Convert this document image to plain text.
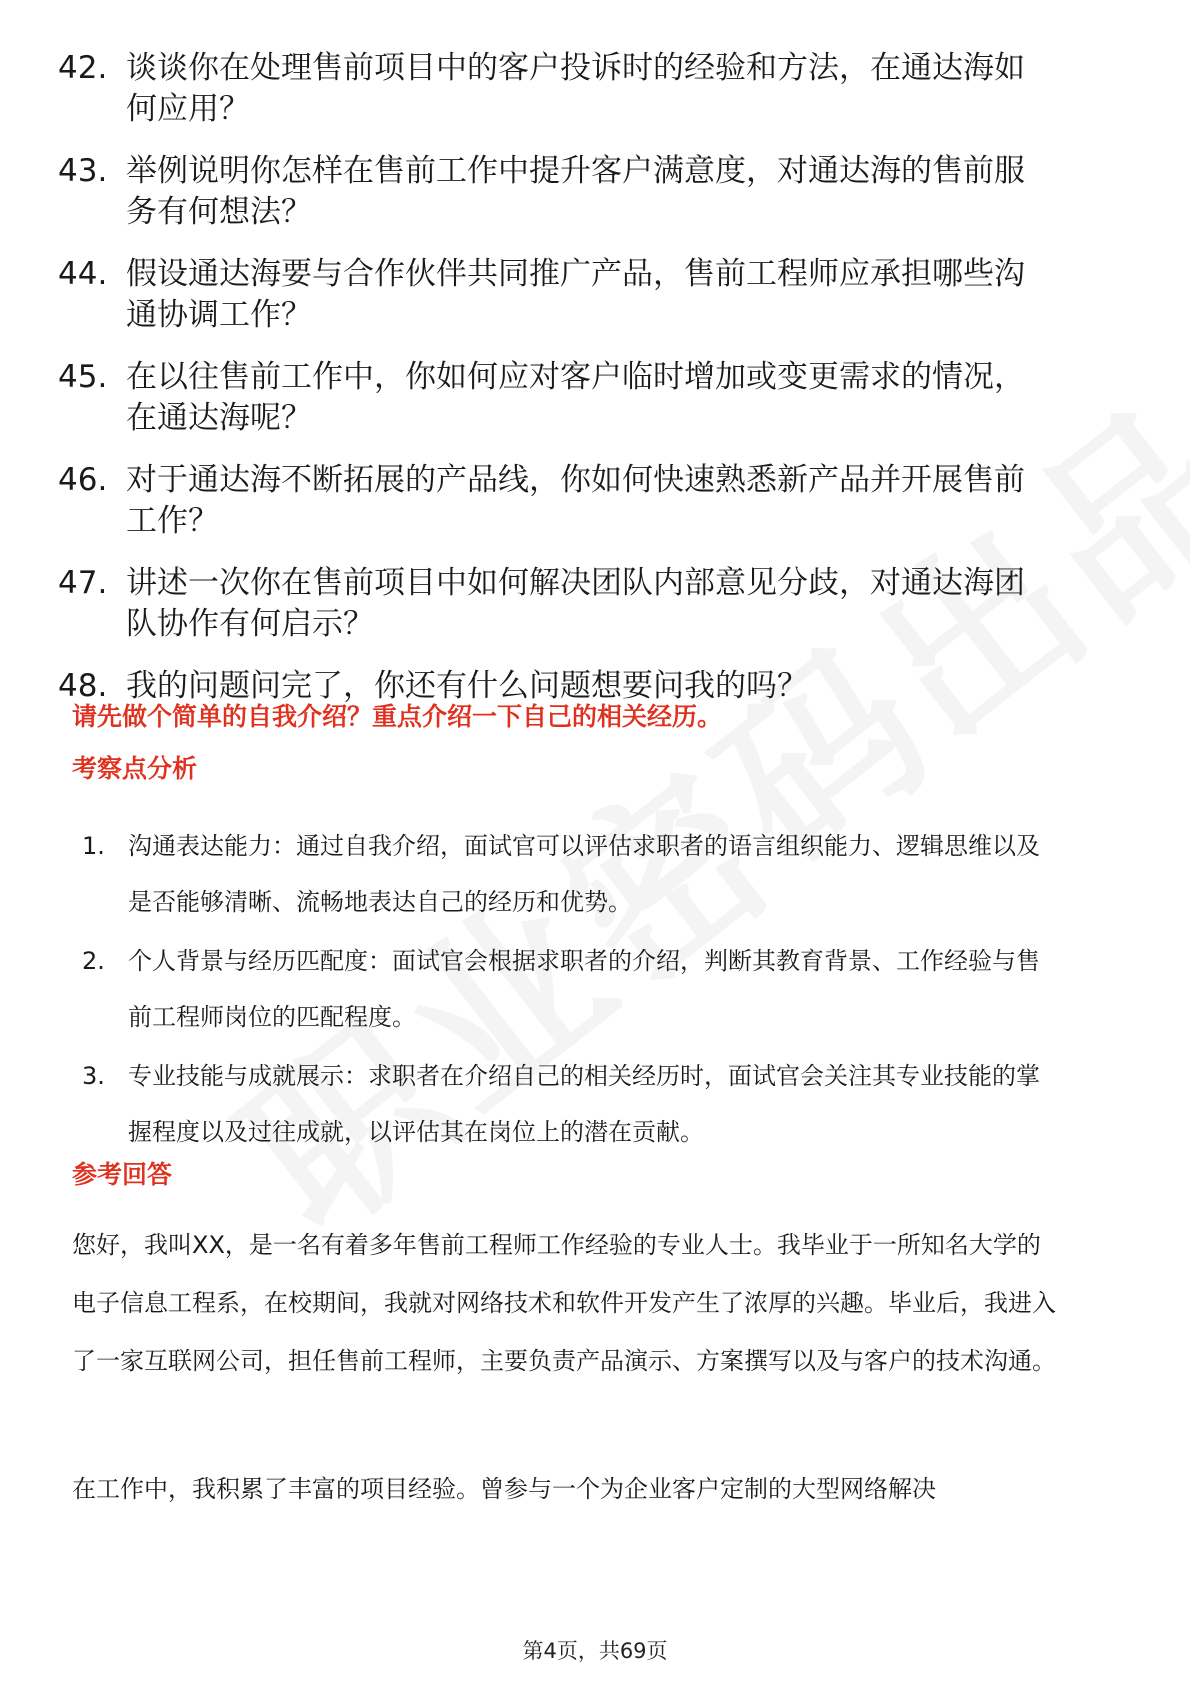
42. 谈谈你在处理售前项目中的客户投诉时的经验和方法，在通达海如何应用？
43. 举例说明你怎样在售前工作中提升客户满意度，对通达海的售前服务有何想法？
44. 假设通达海要与合作伙伴共同推广产品，售前工程师应承担哪些沟通协调工作？
45. 在以往售前工作中，你如何应对客户临时增加或变更需求的情况，在通达海呢？
46. 对于通达海不断拓展的产品线，你如何快速熟悉新产品并开展售前工作？
47. 讲述一次你在售前项目中如何解决团队内部意见分歧，对通达海团队协作有何启示？
48. 我的问题问完了，你还有什么问题想要问我的吗？
请先做个简单的自我介绍？重点介绍一下自己的相关经历。
考察点分析
1. 沟通表达能力：通过自我介绍，面试官可以评估求职者的语言组织能力、逻辑思维以及是否能够清晰、流畅地表达自己的经历和优势。
2. 个人背景与经历匹配度：面试官会根据求职者的介绍，判断其教育背景、工作经验与售前工程师岗位的匹配程度。
3. 专业技能与成就展示：求职者在介绍自己的相关经历时，面试官会关注其专业技能的掌握程度以及过往成就，以评估其在岗位上的潜在贡献。
参考回答

您好，我叫XX，是一名有着多年售前工程师工作经验的专业人士。我毕业于一所知名大学的电子信息工程系，在校期间，我就对网络技术和软件开发产生了浓厚的兴趣。毕业后，我进入了一家互联网公司，担任售前工程师，主要负责产品演示、方案撰写以及与客户的技术沟通。

在工作中，我积累了丰富的项目经验。曾参与一个为企业客户定制的大型网络解决

第4页，共69页
